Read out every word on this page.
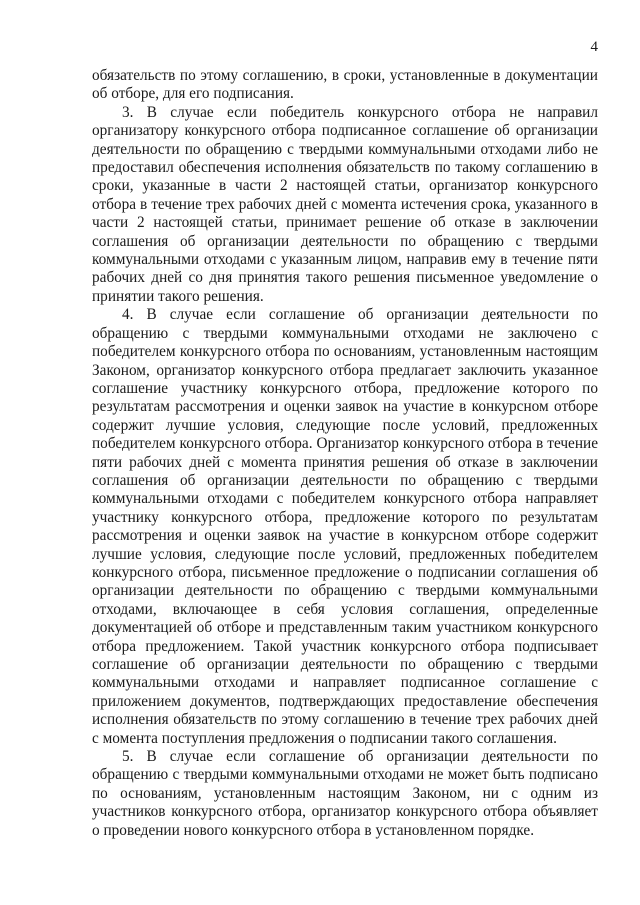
4

обязательств по этому соглашению, в сроки, установленные в документации об отборе, для его подписания.

3. В случае если победитель конкурсного отбора не направил организатору конкурсного отбора подписанное соглашение об организации деятельности по обращению с твердыми коммунальными отходами либо не предоставил обеспечения исполнения обязательств по такому соглашению в сроки, указанные в части 2 настоящей статьи, организатор конкурсного отбора в течение трех рабочих дней с момента истечения срока, указанного в части 2 настоящей статьи, принимает решение об отказе в заключении соглашения об организации деятельности по обращению с твердыми коммунальными отходами с указанным лицом, направив ему в течение пяти рабочих дней со дня принятия такого решения письменное уведомление о принятии такого решения.

4. В случае если соглашение об организации деятельности по обращению с твердыми коммунальными отходами не заключено с победителем конкурсного отбора по основаниям, установленным настоящим Законом, организатор конкурсного отбора предлагает заключить указанное соглашение участнику конкурсного отбора, предложение которого по результатам рассмотрения и оценки заявок на участие в конкурсном отборе содержит лучшие условия, следующие после условий, предложенных победителем конкурсного отбора. Организатор конкурсного отбора в течение пяти рабочих дней с момента принятия решения об отказе в заключении соглашения об организации деятельности по обращению с твердыми коммунальными отходами с победителем конкурсного отбора направляет участнику конкурсного отбора, предложение которого по результатам рассмотрения и оценки заявок на участие в конкурсном отборе содержит лучшие условия, следующие после условий, предложенных победителем конкурсного отбора, письменное предложение о подписании соглашения об организации деятельности по обращению с твердыми коммунальными отходами, включающее в себя условия соглашения, определенные документацией об отборе и представленным таким участником конкурсного отбора предложением. Такой участник конкурсного отбора подписывает соглашение об организации деятельности по обращению с твердыми коммунальными отходами и направляет подписанное соглашение с приложением документов, подтверждающих предоставление обеспечения исполнения обязательств по этому соглашению в течение трех рабочих дней с момента поступления предложения о подписании такого соглашения.

5. В случае если соглашение об организации деятельности по обращению с твердыми коммунальными отходами не может быть подписано по основаниям, установленным настоящим Законом, ни с одним из участников конкурсного отбора, организатор конкурсного отбора объявляет о проведении нового конкурсного отбора в установленном порядке.
